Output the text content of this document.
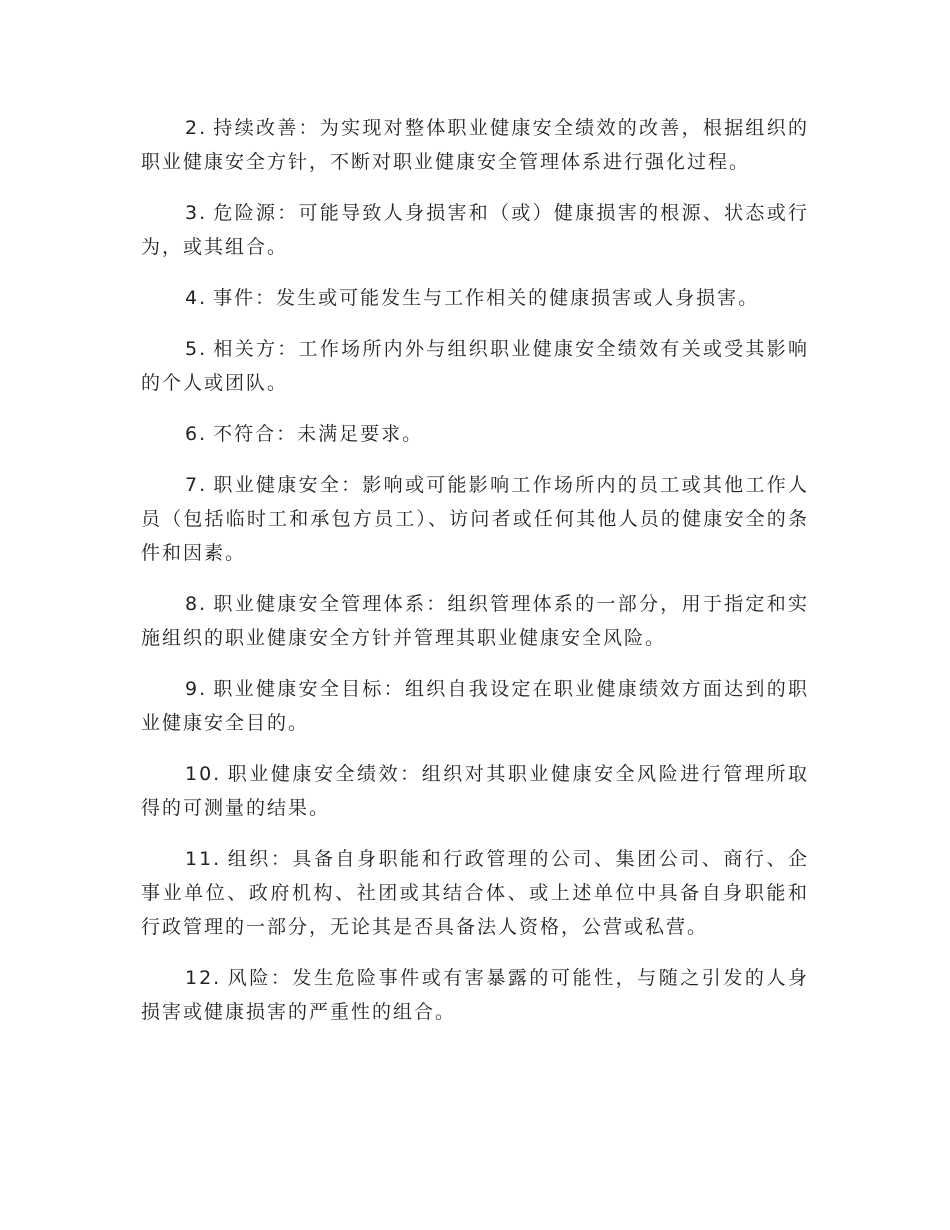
2. 持续改善：为实现对整体职业健康安全绩效的改善，根据组织的职业健康安全方针，不断对职业健康安全管理体系进行强化过程。

3. 危险源：可能导致人身损害和（或）健康损害的根源、状态或行为，或其组合。

4. 事件：发生或可能发生与工作相关的健康损害或人身损害。

5. 相关方：工作场所内外与组织职业健康安全绩效有关或受其影响的个人或团队。

6. 不符合：未满足要求。

7. 职业健康安全：影响或可能影响工作场所内的员工或其他工作人员（包括临时工和承包方员工）、访问者或任何其他人员的健康安全的条件和因素。

8. 职业健康安全管理体系：组织管理体系的一部分，用于指定和实施组织的职业健康安全方针并管理其职业健康安全风险。

9. 职业健康安全目标：组织自我设定在职业健康绩效方面达到的职业健康安全目的。

10. 职业健康安全绩效：组织对其职业健康安全风险进行管理所取得的可测量的结果。

11. 组织：具备自身职能和行政管理的公司、集团公司、商行、企事业单位、政府机构、社团或其结合体、或上述单位中具备自身职能和行政管理的一部分，无论其是否具备法人资格，公营或私营。

12. 风险：发生危险事件或有害暴露的可能性，与随之引发的人身损害或健康损害的严重性的组合。
